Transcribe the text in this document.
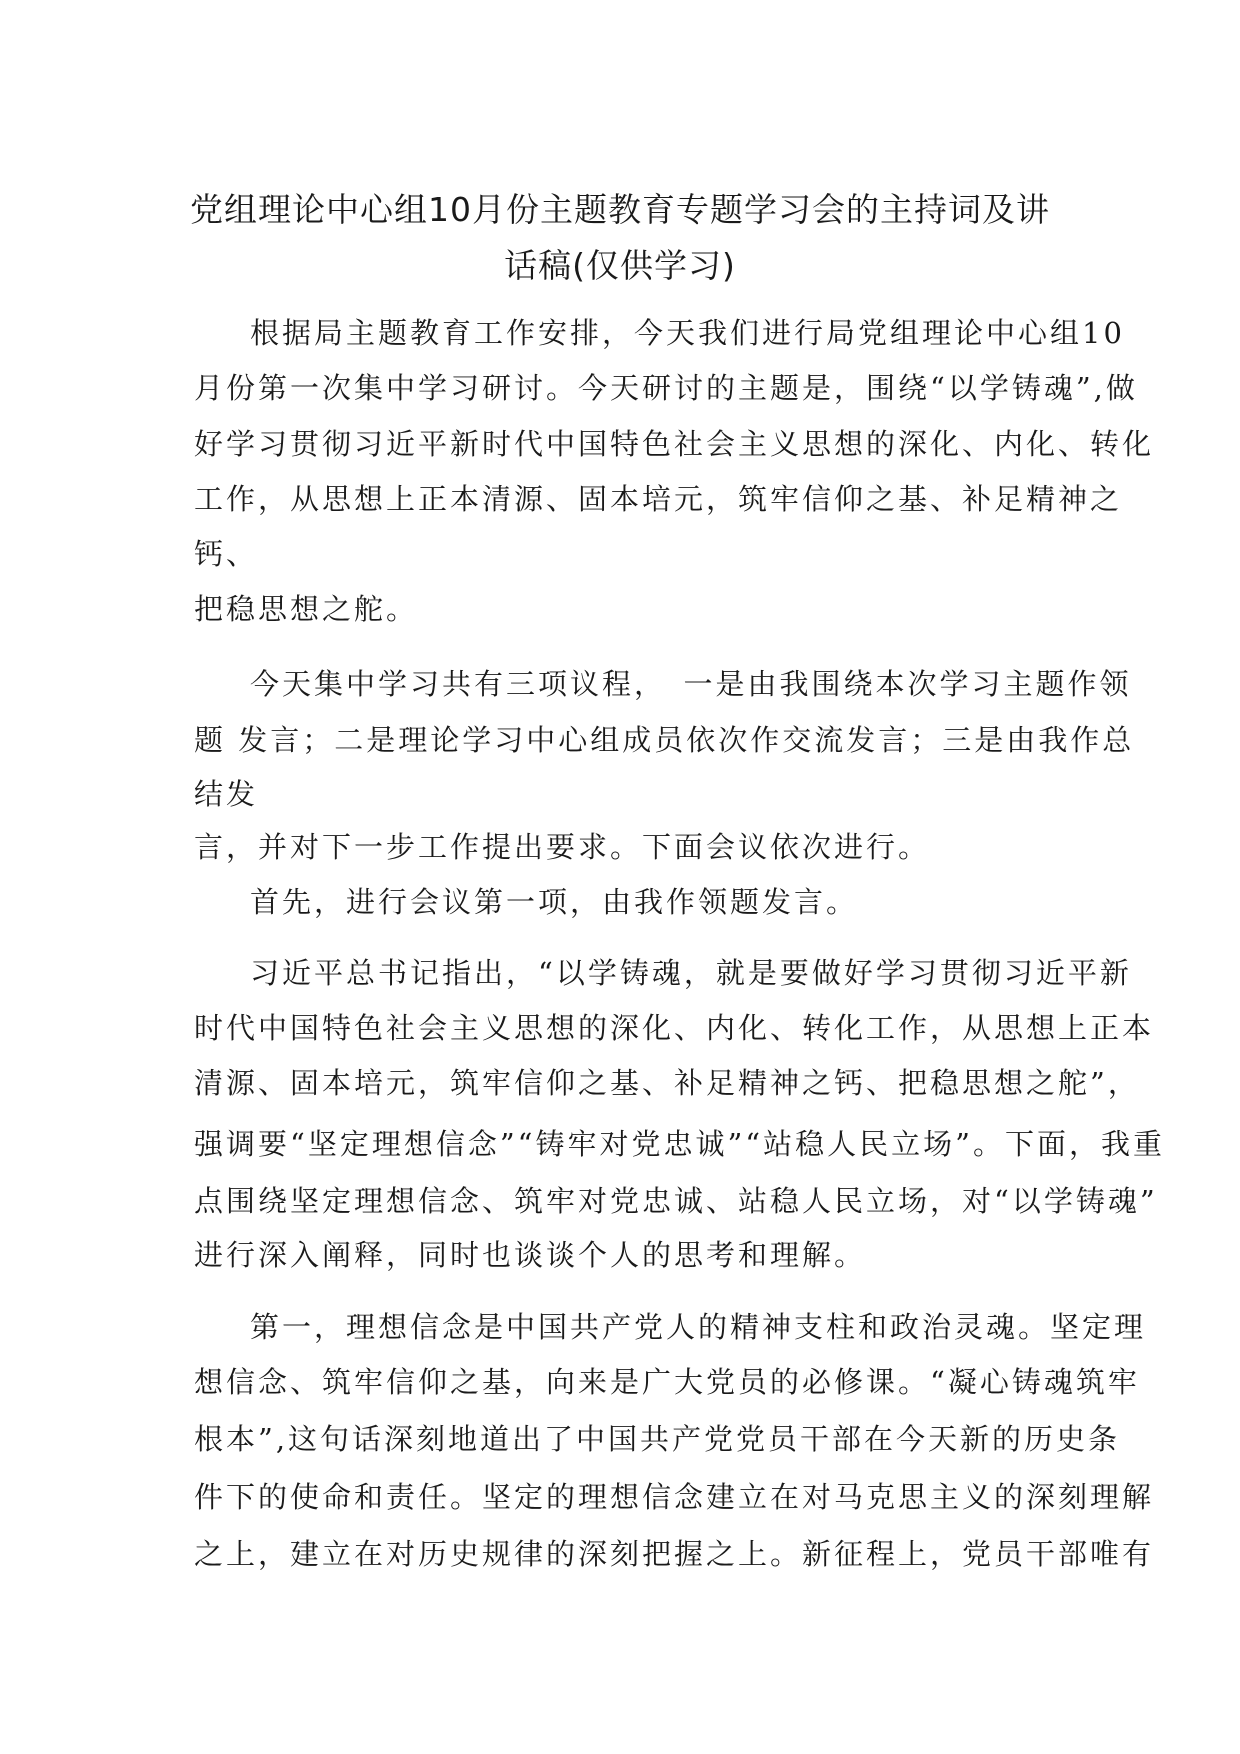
党组理论中心组10月份主题教育专题学习会的主持词及讲
话稿(仅供学习)
根据局主题教育工作安排，今天我们进行局党组理论中心组10
月份第一次集中学习研讨。今天研讨的主题是，围绕“以学铸魂”,做
好学习贯彻习近平新时代中国特色社会主义思想的深化、内化、转化
工作，从思想上正本清源、固本培元，筑牢信仰之基、补足精神之
钙、
把稳思想之舵。
今天集中学习共有三项议程，　一是由我围绕本次学习主题作领
题 发言；二是理论学习中心组成员依次作交流发言；三是由我作总
结发
言，并对下一步工作提出要求。下面会议依次进行。
首先，进行会议第一项，由我作领题发言。
习近平总书记指出，“以学铸魂，就是要做好学习贯彻习近平新
时代中国特色社会主义思想的深化、内化、转化工作，从思想上正本
清源、固本培元，筑牢信仰之基、补足精神之钙、把稳思想之舵”，
强调要“坚定理想信念”“铸牢对党忠诚”“站稳人民立场”。下面，我重
点围绕坚定理想信念、筑牢对党忠诚、站稳人民立场，对“以学铸魂”
进行深入阐释，同时也谈谈个人的思考和理解。
第一，理想信念是中国共产党人的精神支柱和政治灵魂。坚定理
想信念、筑牢信仰之基，向来是广大党员的必修课。“凝心铸魂筑牢
根本”,这句话深刻地道出了中国共产党党员干部在今天新的历史条
件下的使命和责任。坚定的理想信念建立在对马克思主义的深刻理解
之上，建立在对历史规律的深刻把握之上。新征程上，党员干部唯有
